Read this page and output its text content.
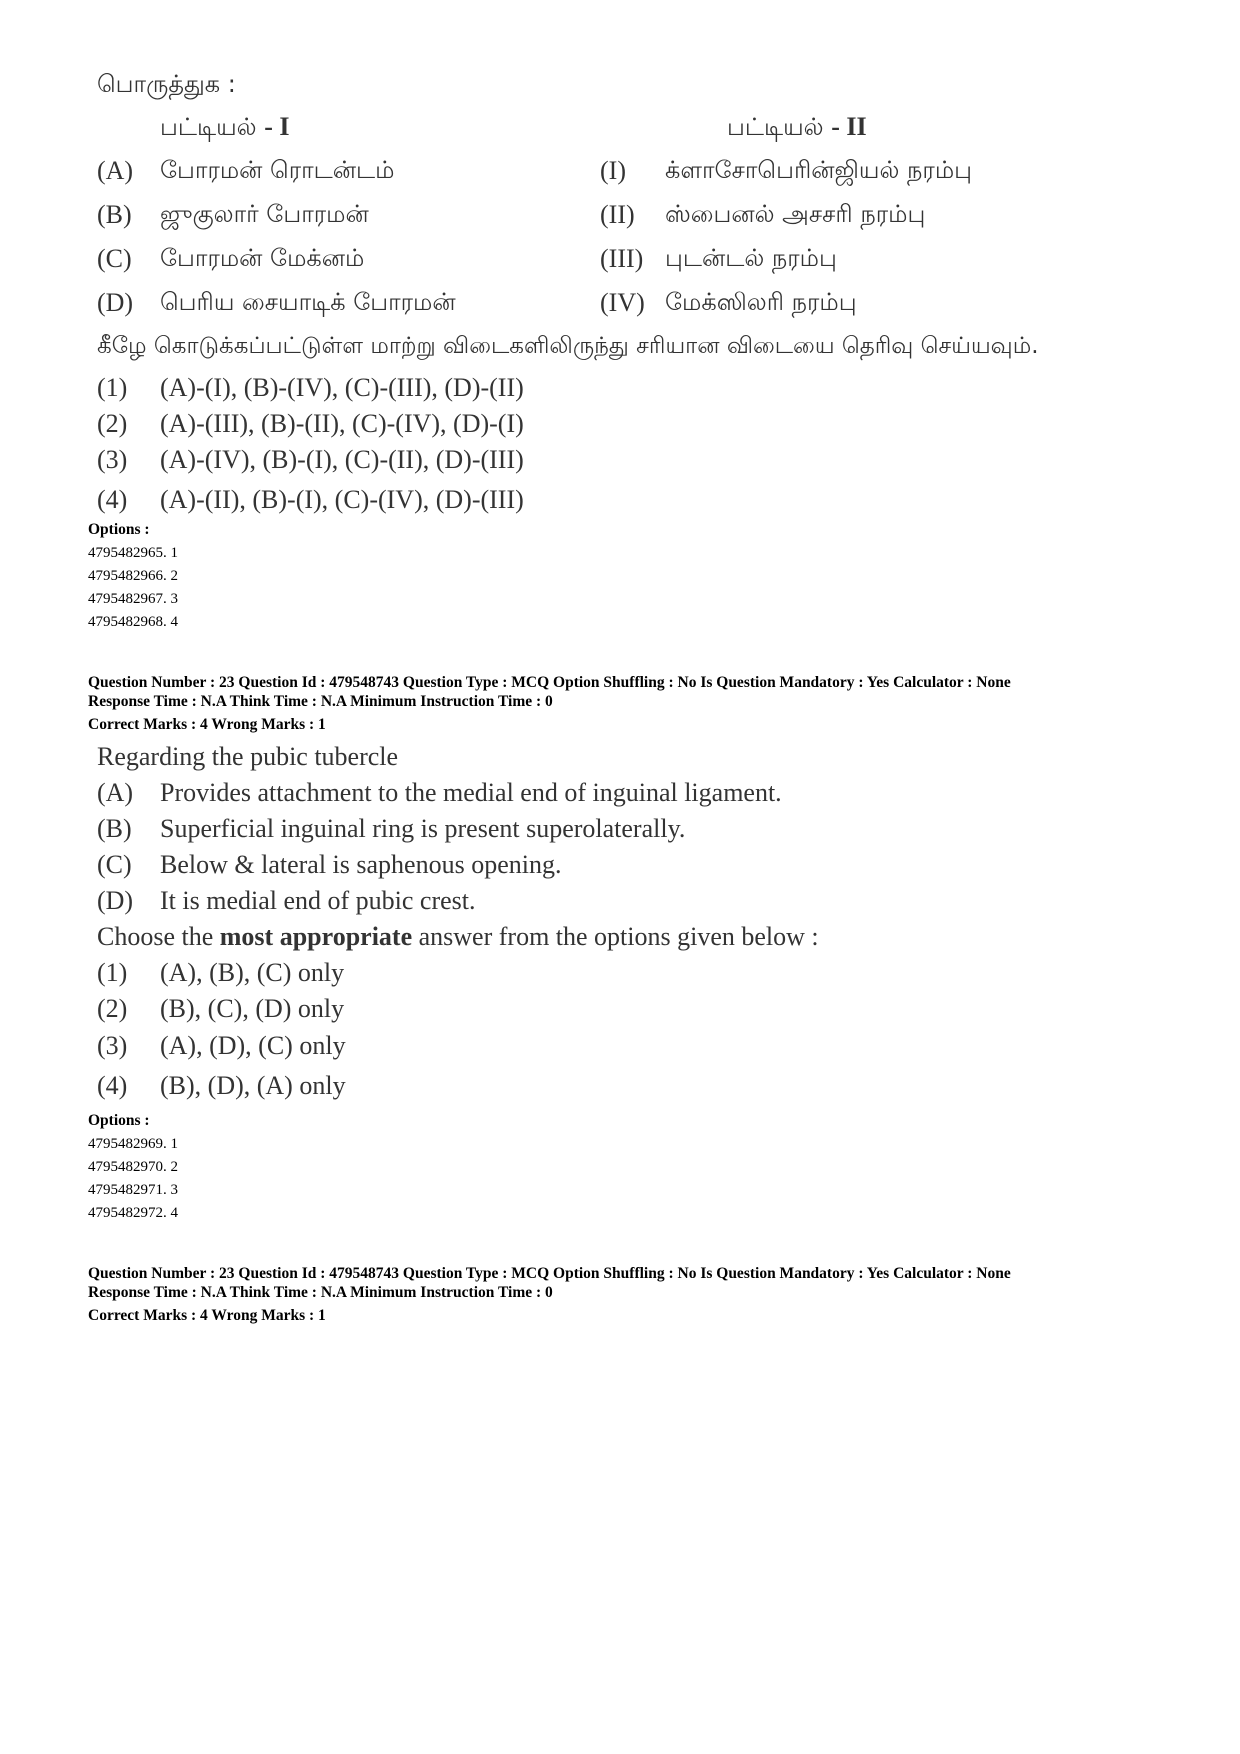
பொருத்துக :
பட்டியல் - I	பட்டியல் - II
(A) போரமன் ரொடன்டம்	(I) க்ளாசோபெரின்ஜியல் நரம்பு
(B) ஜுகுலார் போரமன்	(II) ஸ்பைனல் அசசரி நரம்பு
(C) போரமன் மேக்னம்	(III) புடன்டல் நரம்பு
(D) பெரிய சையாடிக் போரமன்	(IV) மேக்ஸிலரி நரம்பு
கீழே கொடுக்கப்பட்டுள்ள மாற்று விடைகளிலிருந்து சரியான விடையை தெரிவு செய்யவும்.
(1) (A)-(I), (B)-(IV), (C)-(III), (D)-(II)
(2) (A)-(III), (B)-(II), (C)-(IV), (D)-(I)
(3) (A)-(IV), (B)-(I), (C)-(II), (D)-(III)
(4) (A)-(II), (B)-(I), (C)-(IV), (D)-(III)
Options :
4795482965. 1
4795482966. 2
4795482967. 3
4795482968. 4
Question Number : 23 Question Id : 479548743 Question Type : MCQ Option Shuffling : No Is Question Mandatory : Yes Calculator : None
Response Time : N.A Think Time : N.A Minimum Instruction Time : 0
Correct Marks : 4 Wrong Marks : 1
Regarding the pubic tubercle
(A) Provides attachment to the medial end of inguinal ligament.
(B) Superficial inguinal ring is present superolaterally.
(C) Below & lateral is saphenous opening.
(D) It is medial end of pubic crest.
Choose the most appropriate answer from the options given below :
(1) (A), (B), (C) only
(2) (B), (C), (D) only
(3) (A), (D), (C) only
(4) (B), (D), (A) only
Options :
4795482969. 1
4795482970. 2
4795482971. 3
4795482972. 4
Question Number : 23 Question Id : 479548743 Question Type : MCQ Option Shuffling : No Is Question Mandatory : Yes Calculator : None
Response Time : N.A Think Time : N.A Minimum Instruction Time : 0
Correct Marks : 4 Wrong Marks : 1
